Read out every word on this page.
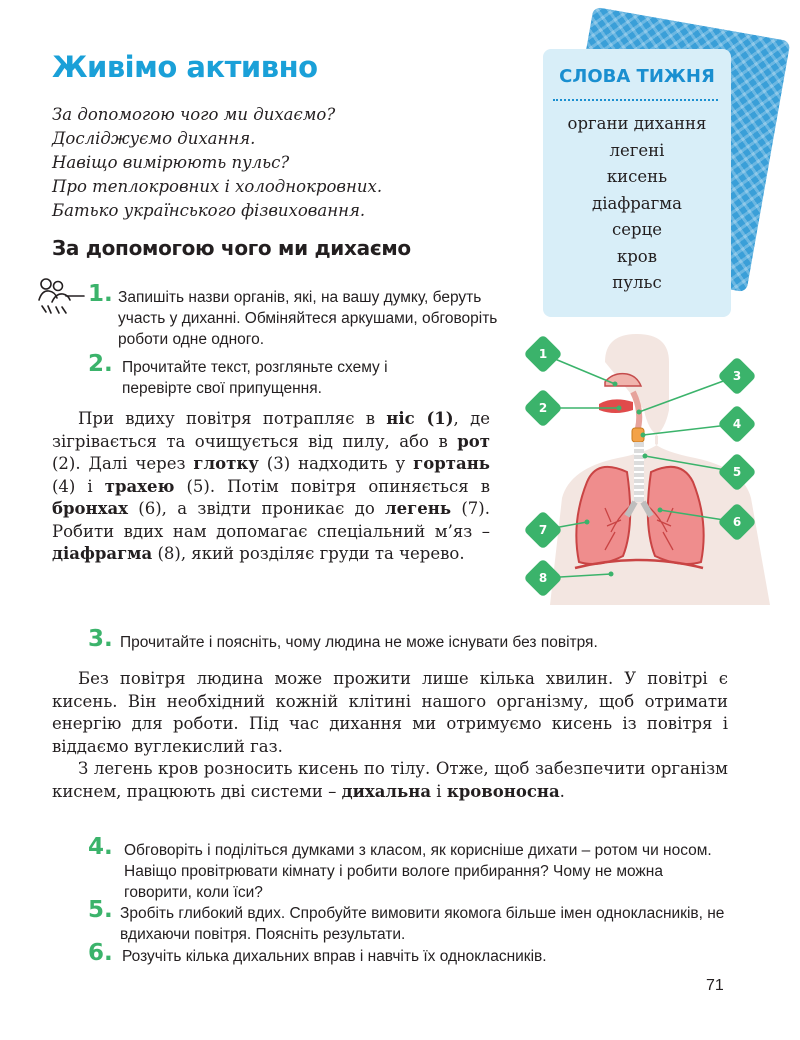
Живімо активно
За допомогою чого ми дихаємо?
Досліджуємо дихання.
Навіщо вимірюють пульс?
Про теплокровних і холоднокровних.
Батько українського фізвиховання.
СЛОВА ТИЖНЯ
органи дихання
легені
кисень
діафрагма
серце
кров
пульс
За допомогою чого ми дихаємо
1. Запишіть назви органів, які, на вашу думку, беруть участь у диханні. Обміняйтеся аркушами, обговоріть роботи одне одного.
2. Прочитайте текст, розгляньте схему і перевірте свої припущення.

При вдиху повітря потрапляє в ніс (1), де зігрівається та очищується від пилу, або в рот (2). Далі через глотку (3) надходить у гортань (4) і трахею (5). Потім повітря опиняється в бронхах (6), а звідти проникає до легень (7). Робити вдих нам допомагає спеціальний м’яз – діафрагма (8), який розділяє груди та черево.

1
2
3
4
5
6
7
8
3. Прочитайте і поясніть, чому людина не може існувати без повітря.

Без повітря людина може прожити лише кілька хвилин. У повітрі є кисень. Він необхідний кожній клітині нашого організму, щоб отримати енергію для роботи. Під час дихання ми отримуємо кисень із повітря і віддаємо вуглекислий газ.

З легень кров розносить кисень по тілу. Отже, щоб забезпечити організм киснем, працюють дві системи – дихальна і кровоносна.

4. Обговоріть і поділіться думками з класом, як корисніше дихати – ротом чи носом. Навіщо провітрювати кімнату і робити вологе прибирання? Чому не можна говорити, коли їси?
5. Зробіть глибокий вдих. Спробуйте вимовити якомога більше імен однокласників, не вдихаючи повітря. Поясніть результати.
6. Розучіть кілька дихальних вправ і навчіть їх однокласників.
71
